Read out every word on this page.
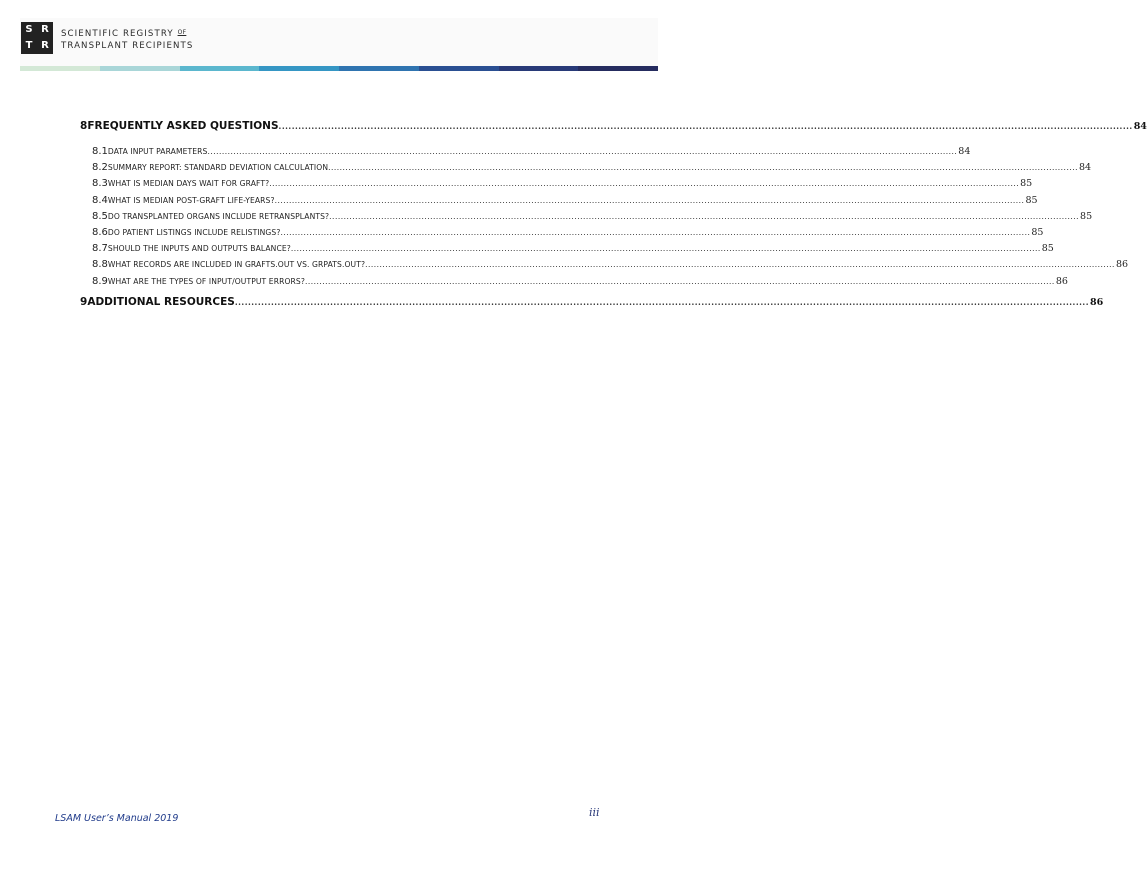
S R
T R
SCIENTIFIC REGISTRY $^{OF}$
TRANSPLANT RECIPIENTS
8 FREQUENTLY ASKED QUESTIONS .................................................................................................................................................................................................................................................................... 84
8.1 DATA INPUT PARAMETERS .................................................................................................................................................................................................................................................................... 84
8.2 SUMMARY REPORT: STANDARD DEVIATION CALCULATION .................................................................................................................................................................................................................................................................... 84
8.3 WHAT IS MEDIAN DAYS WAIT FOR GRAFT? .................................................................................................................................................................................................................................................................... 85
8.4 WHAT IS MEDIAN POST-GRAFT LIFE-YEARS? .................................................................................................................................................................................................................................................................... 85
8.5 DO TRANSPLANTED ORGANS INCLUDE RETRANSPLANTS? .................................................................................................................................................................................................................................................................... 85
8.6 DO PATIENT LISTINGS INCLUDE RELISTINGS? .................................................................................................................................................................................................................................................................... 85
8.7 SHOULD THE INPUTS AND OUTPUTS BALANCE? .................................................................................................................................................................................................................................................................... 85
8.8 WHAT RECORDS ARE INCLUDED IN GRAFTS.OUT VS. GRPATS.OUT? .................................................................................................................................................................................................................................................................... 86
8.9 WHAT ARE THE TYPES OF INPUT/OUTPUT ERRORS? .................................................................................................................................................................................................................................................................... 86
9 ADDITIONAL RESOURCES .................................................................................................................................................................................................................................................................... 86
iii
LSAM User’s Manual 2019
